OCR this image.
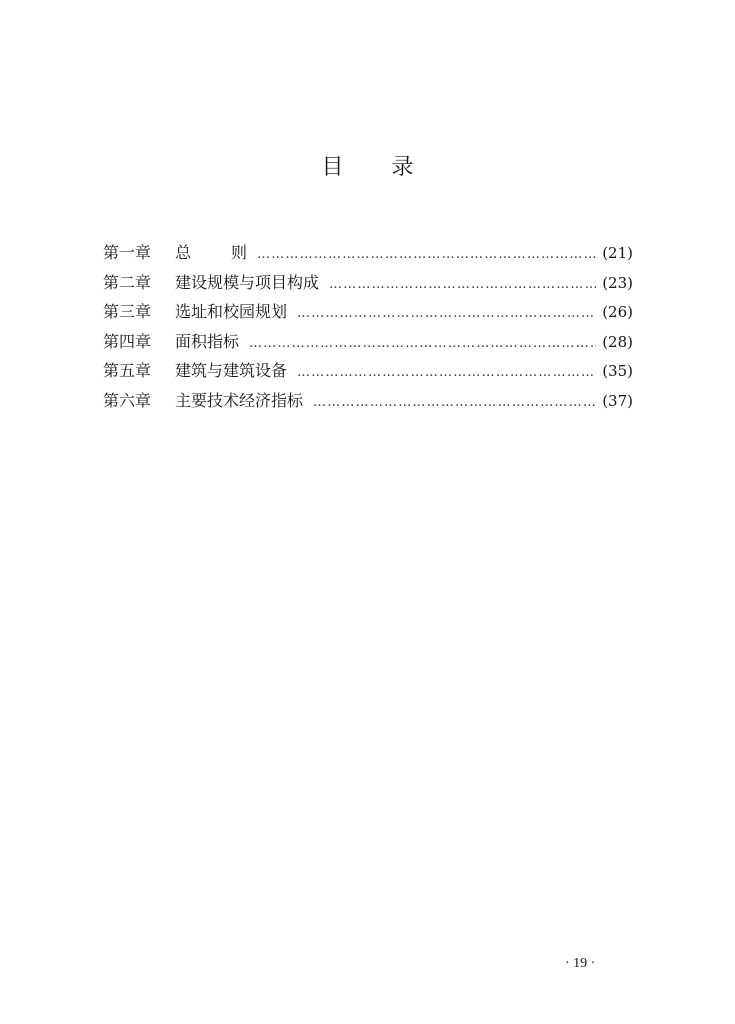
目 录
第一章	总	则 …………………………………………………………………………………………………………………………	(21)
第二章	建设规模与项目构成 …………………………………………………………………………………………………………………………	(23)
第三章	选址和校园规划 …………………………………………………………………………………………………………………………	(26)
第四章	面积指标 …………………………………………………………………………………………………………………………	(28)
第五章	建筑与建筑设备 …………………………………………………………………………………………………………………………	(35)
第六章	主要技术经济指标 …………………………………………………………………………………………………………………………	(37)
· 19 ·
